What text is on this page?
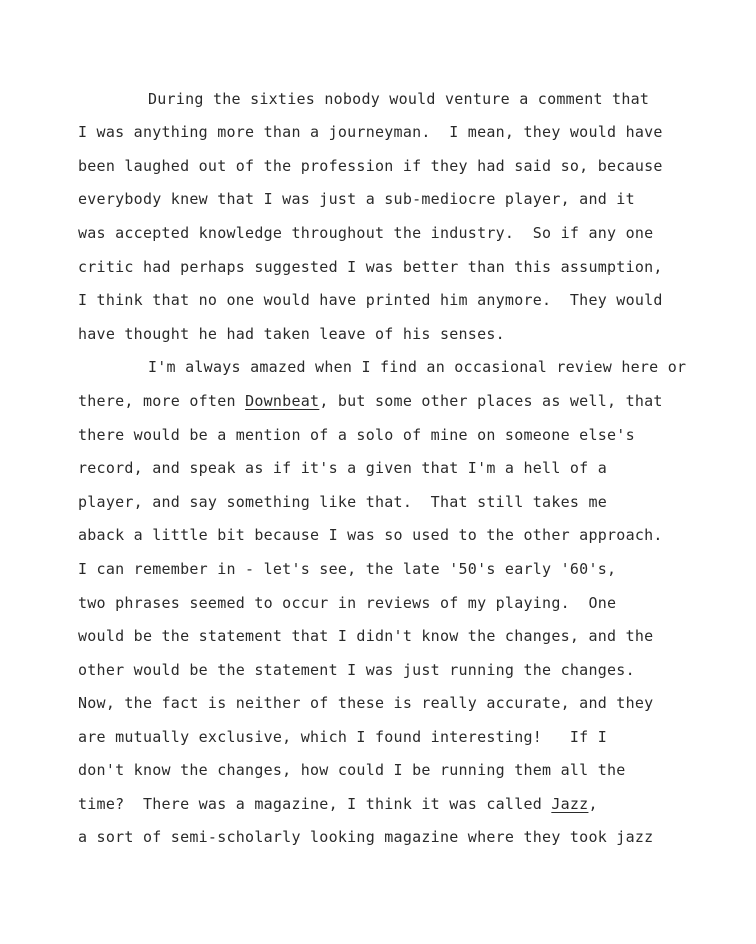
During the sixties nobody would venture a comment that
I was anything more than a journeyman.  I mean, they would have
been laughed out of the profession if they had said so, because
everybody knew that I was just a sub-mediocre player, and it
was accepted knowledge throughout the industry.  So if any one
critic had perhaps suggested I was better than this assumption,
I think that no one would have printed him anymore.  They would
have thought he had taken leave of his senses.
I'm always amazed when I find an occasional review here or
there, more often Downbeat, but some other places as well, that
there would be a mention of a solo of mine on someone else's
record, and speak as if it's a given that I'm a hell of a
player, and say something like that.  That still takes me
aback a little bit because I was so used to the other approach.
I can remember in - let's see, the late '50's early '60's,
two phrases seemed to occur in reviews of my playing.  One
would be the statement that I didn't know the changes, and the
other would be the statement I was just running the changes.
Now, the fact is neither of these is really accurate, and they
are mutually exclusive, which I found interesting!   If I
don't know the changes, how could I be running them all the
time?  There was a magazine, I think it was called Jazz,
a sort of semi-scholarly looking magazine where they took jazz
